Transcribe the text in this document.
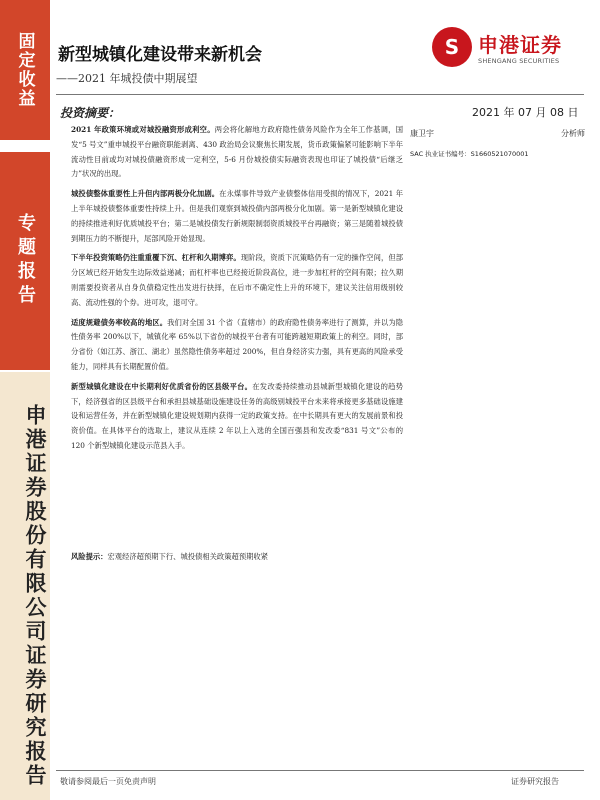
固定收益
专题报告
申港证券股份有限公司证券研究报告
新型城镇化建设带来新机会
——2021 年城投债中期展望
S 申港证券
SHENGANG SECURITIES
投资摘要：	2021 年 07 月 08 日
康卫宇	分析师
SAC 执业证书编号：S1660521070001

2021 年政策环境或对城投融资形成利空。两会将化解地方政府隐性债务风险作为全年工作基调，国发“5 号文”重申城投平台融资职能剥离、430 政治局会议聚焦长期发展，货币政策偏紧可能影响下半年流动性目前或均对城投债融资形成一定利空，5-6 月份城投债实际融资表现也印证了城投债“后继乏力”状况的出现。

城投债整体重要性上升但内部两极分化加剧。在永煤事件导致产业债整体信用受损的情况下，2021 年上半年城投债整体重要性持续上升。但是我们观察到城投债内部两极分化加剧。第一是新型城镇化建设的持续推进利好优质城投平台；第二是城投债发行新规限制弱资质城投平台再融资；第三是随着城投债到期压力的不断提升，尾部风险开始显现。

下半年投资策略仍注重重覆下沉、杠杆和久期博弈。现阶段，资质下沉策略仍有一定的操作空间，但部分区域已经开始发生边际效益递减；而杠杆率也已经接近阶段高位，进一步加杠杆的空间有限；拉久期则需要投资者从自身负债稳定性出发进行抉择，在后市不确定性上升的环境下，建议关注信用级别较高、流动性强的个券。进可攻，退可守。

适度规避债务率较高的地区。我们对全国 31 个省（直辖市）的政府隐性债务率进行了测算，并以为隐性债务率 200%以下，城镇化率 65%以下省份的城投平台者有可能跨越短期政策上的利空。同时，部分省份（如江苏、浙江、湖北）虽然隐性债务率超过 200%，但自身经济实力强，具有更高的风险承受能力，同样具有长期配置价值。

新型城镇化建设在中长期利好优质省份的区县级平台。在发改委持续推动县城新型城镇化建设的趋势下，经济强省的区县级平台和承担县城基础设施建设任务的高级别城投平台未来将承接更多基础设施建设和运营任务，并在新型城镇化建设规划期内获得一定的政策支持。在中长期具有更大的发展前景和投资价值。在具体平台的选取上，建议从连续 2 年以上入选的全国百强县和发改委“831 号文”公布的 120 个新型城镇化建设示范县入手。

风险提示：宏观经济超预期下行、城投债相关政策超预期收紧
敬请参阅最后一页免责声明	证券研究报告
